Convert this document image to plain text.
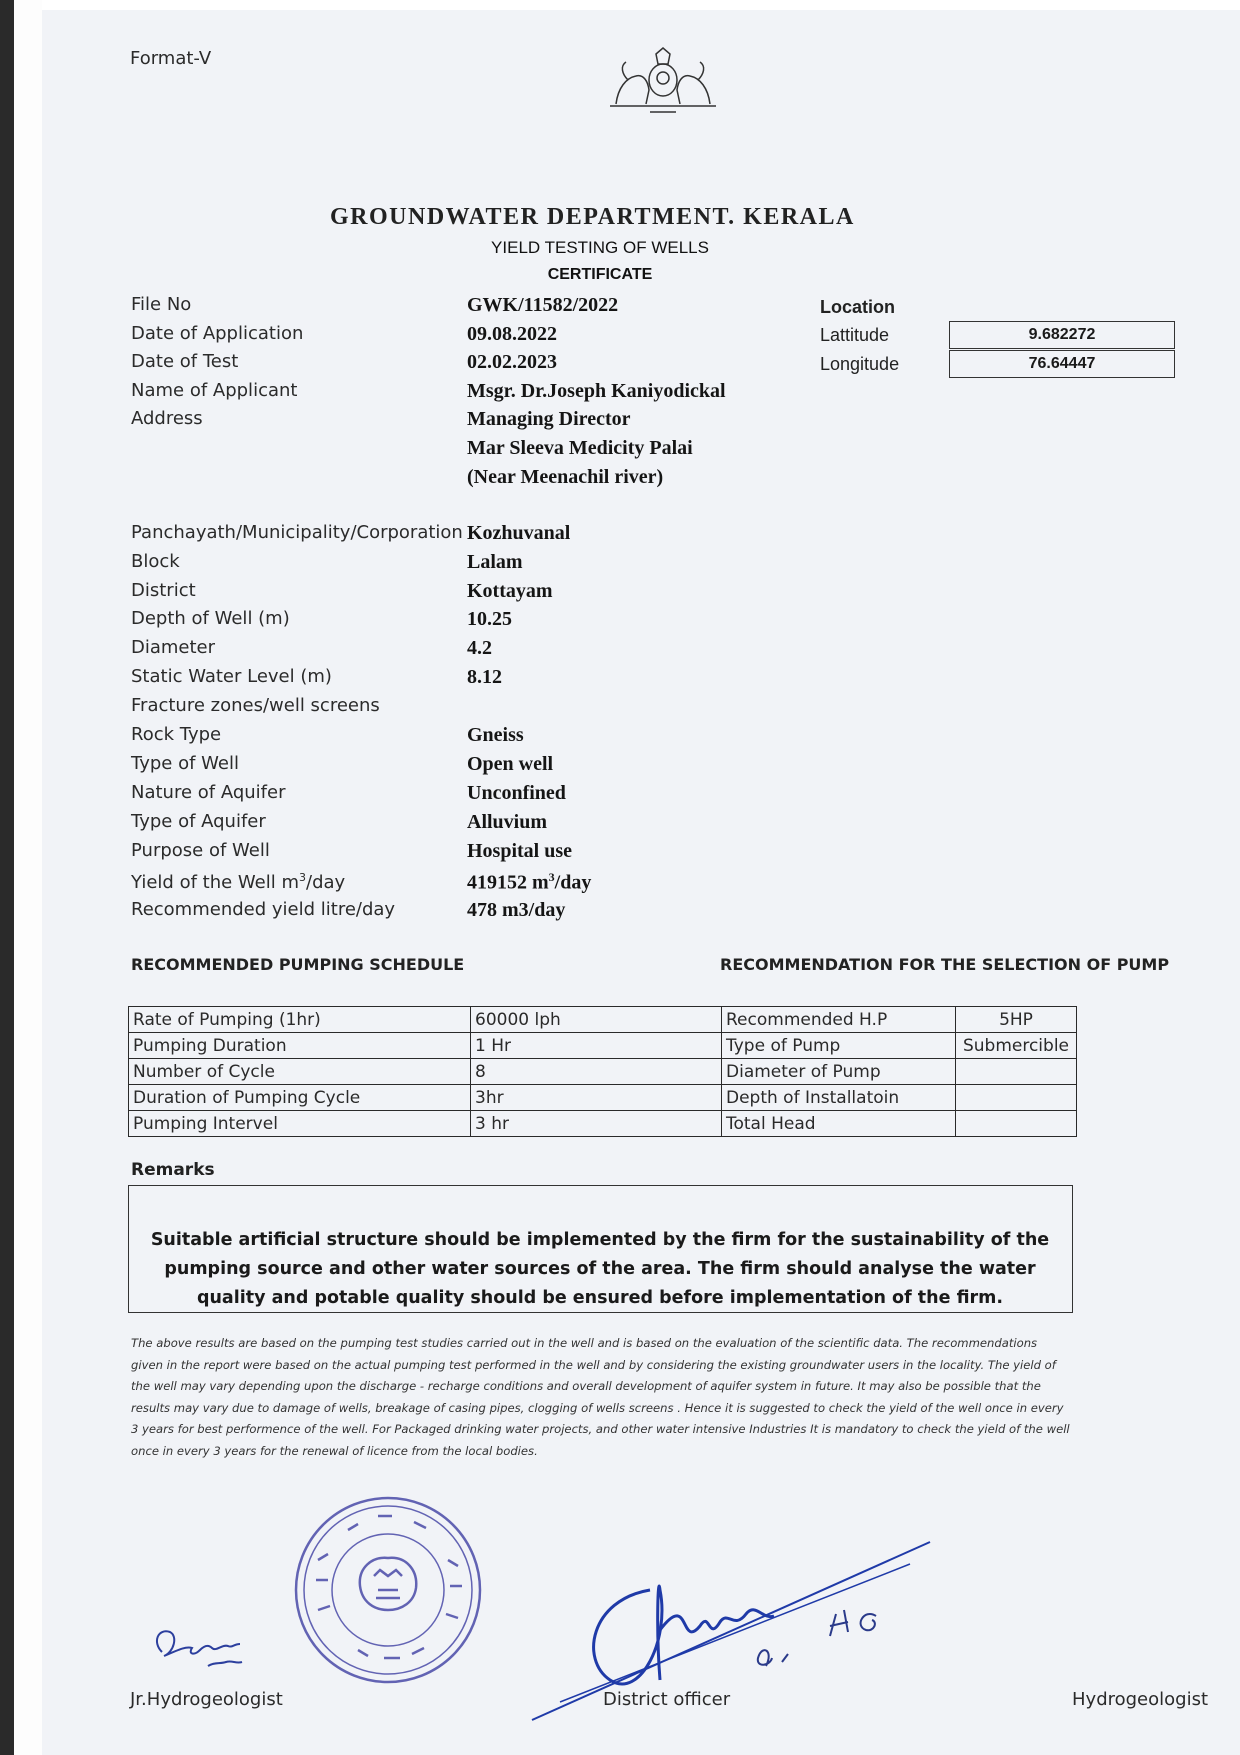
Format-V
GROUNDWATER DEPARTMENT. KERALA
YIELD TESTING OF WELLS
CERTIFICATE
File No	GWK/11582/2022
Date of Application	09.08.2022
Date of Test	02.02.2023
Name of Applicant	Msgr. Dr.Joseph Kaniyodickal
Address	Managing Director
Mar Sleeva Medicity Palai
(Near Meenachil river)
Location
Lattitude	9.682272
Longitude	76.64447
Panchayath/Municipality/Corporation Kozhuvanal
Block	Lalam
District	Kottayam
Depth of Well (m)	10.25
Diameter	4.2
Static Water Level (m)	8.12
Fracture zones/well screens
Rock Type	Gneiss
Type of Well	Open well
Nature of Aquifer	Unconfined
Type of Aquifer	Alluvium
Purpose of Well	Hospital use
Yield of the Well $m^3$/day	419152 $m^3$/day
Recommended yield litre/day	478 m3/day
RECOMMENDED PUMPING SCHEDULE	RECOMMENDATION FOR THE SELECTION OF PUMP
Rate of Pumping (1hr)	60000 lph	Recommended H.P	5HP
Pumping Duration	1 Hr	Type of Pump	Submercible
Number of Cycle	8	Diameter of Pump	
Duration of Pumping Cycle	3hr	Depth of Installatoin	
Pumping Intervel	3 hr	Total Head	
Remarks
Suitable artificial structure should be implemented by the firm for the sustainability of the pumping source and other water sources of the area. The firm should analyse the water quality and potable quality should be ensured before implementation of the firm.
The above results are based on the pumping test studies carried out in the well and is based on the evaluation of the scientific data. The recommendations given in the report were based on the actual pumping test performed in the well and by considering the existing groundwater users in the locality. The yield of the well may vary depending upon the discharge - recharge conditions and overall development of aquifer system in future. It may also be possible that the results may vary due to damage of wells, breakage of casing pipes, clogging of wells screens . Hence it is suggested to check the yield of the well once in every 3 years for best performence of the well. For Packaged drinking water projects, and other water intensive Industries It is mandatory to check the yield of the well once in every 3 years for the renewal of licence from the local bodies.
Jr.Hydrogeologist	District officer	Hydrogeologist
